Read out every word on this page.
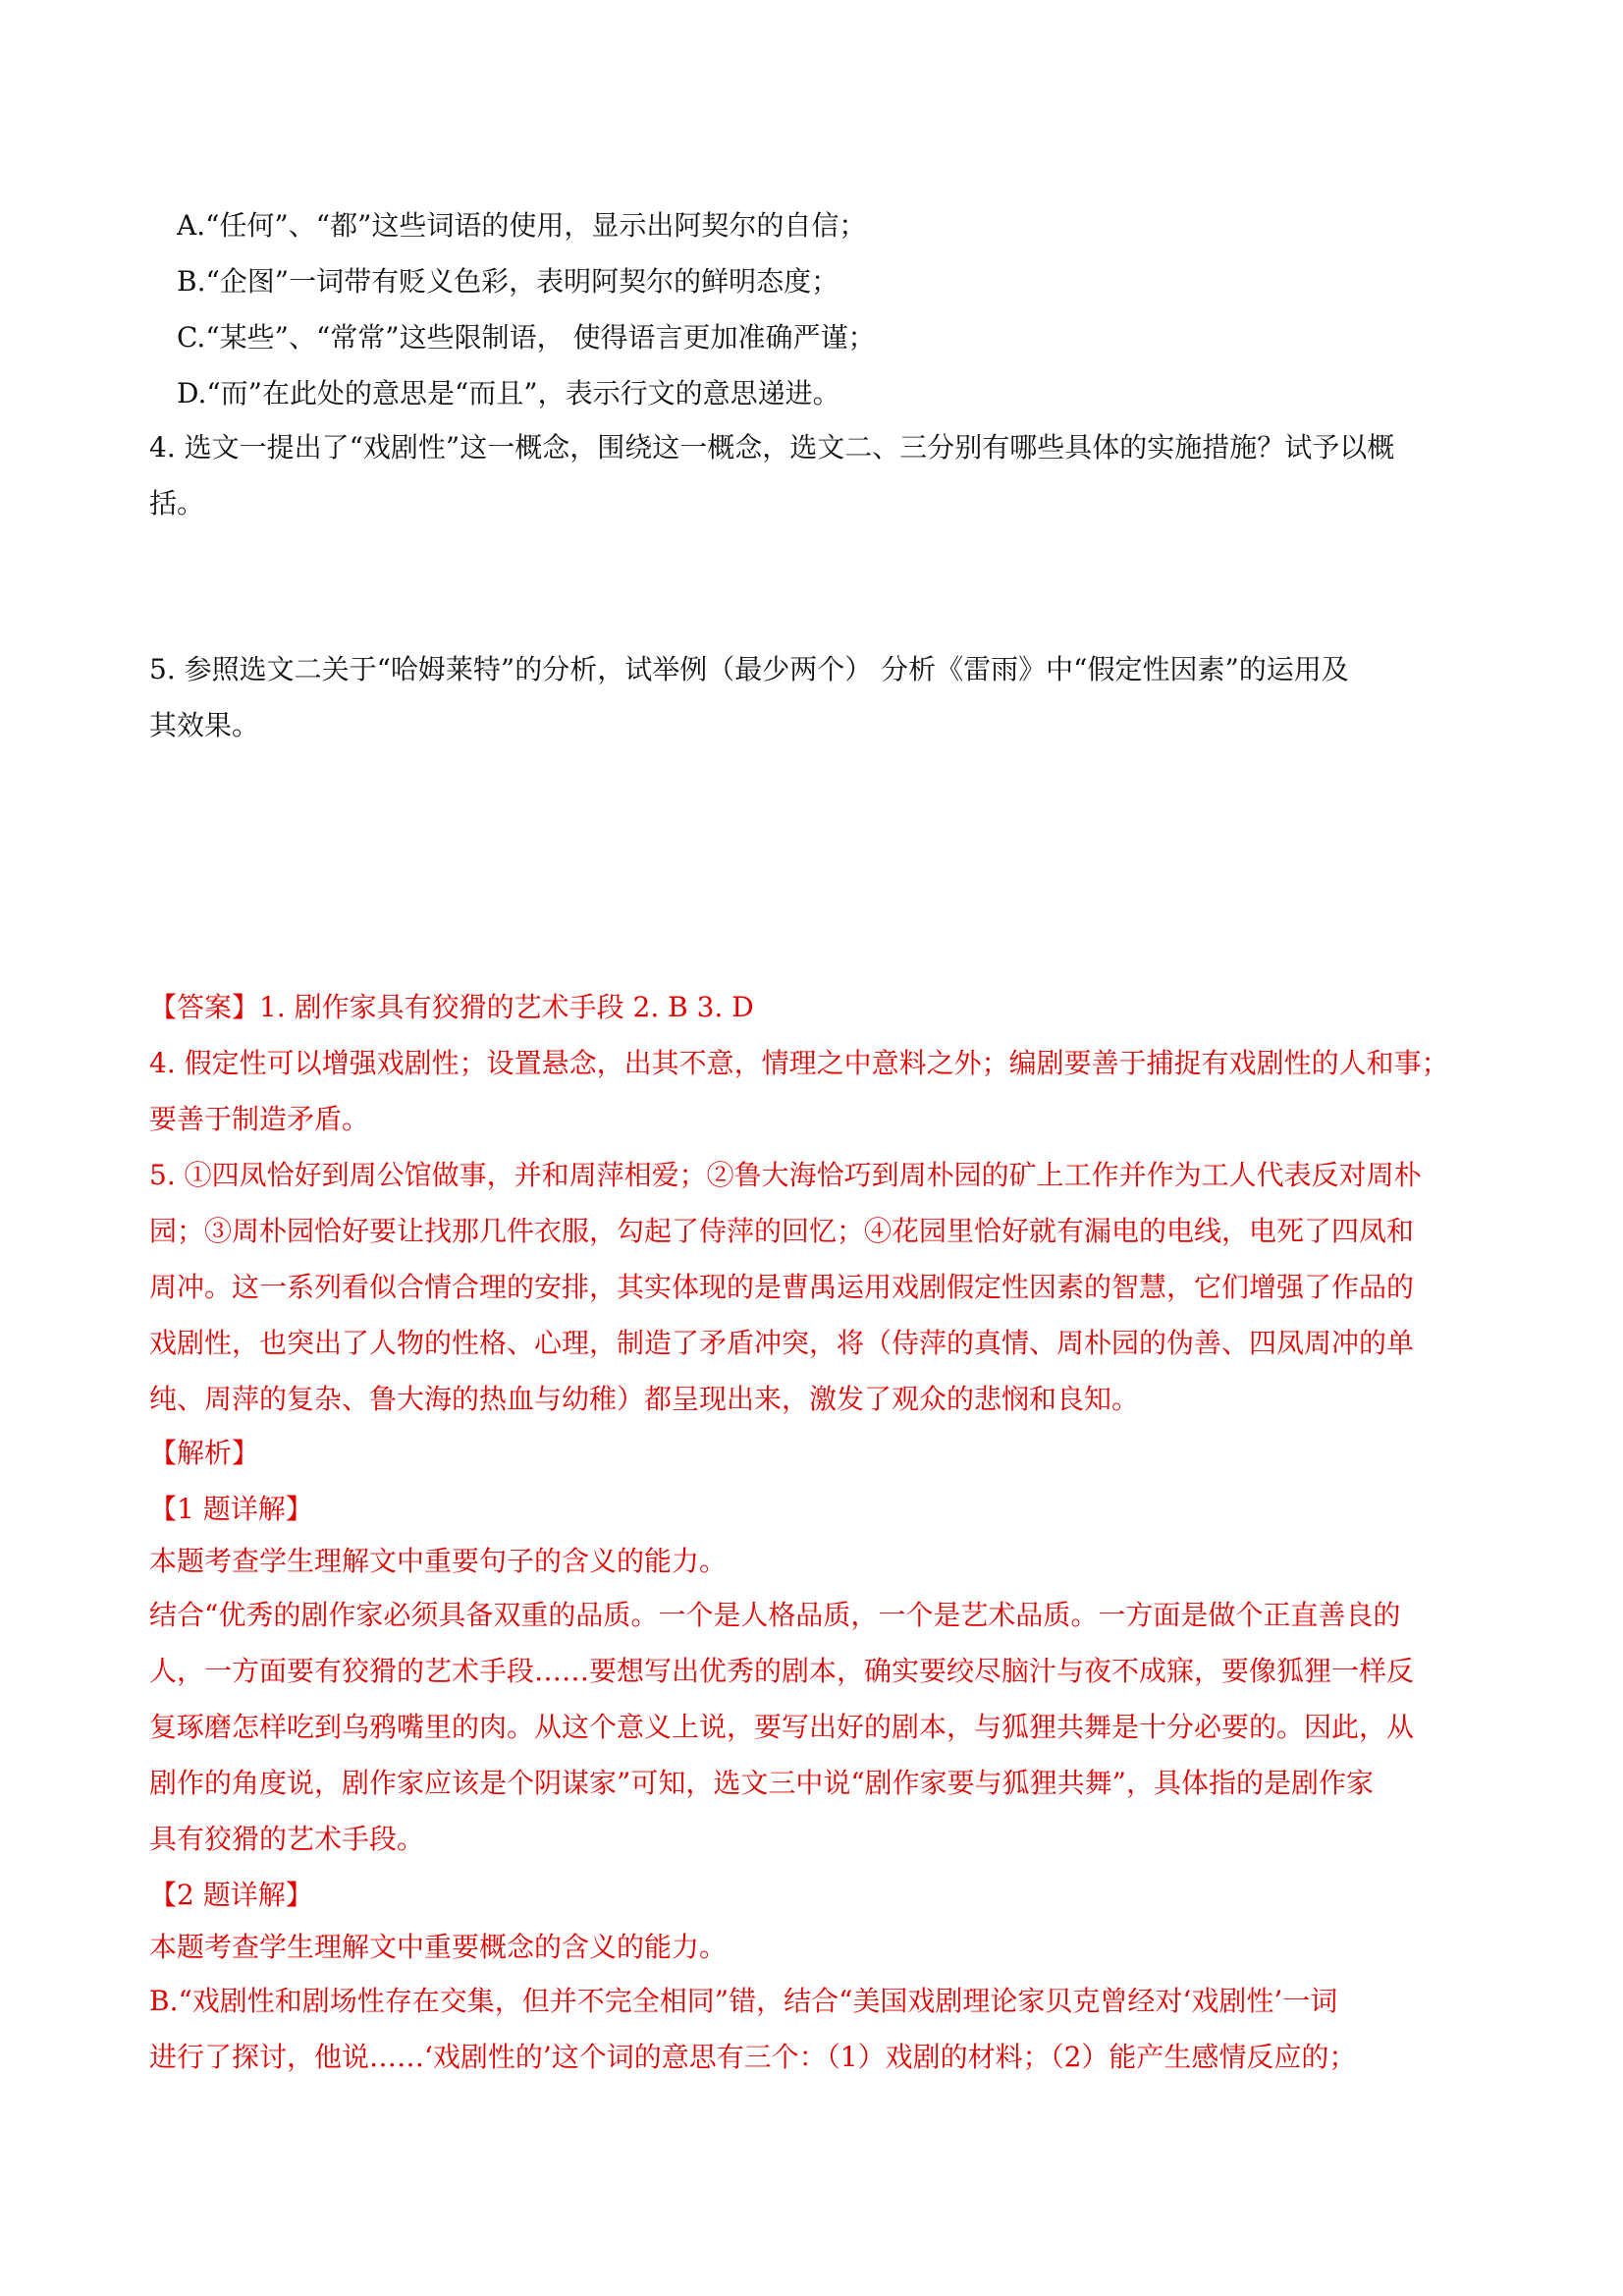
A.“任何”、“都”这些词语的使用，显示出阿契尔的自信；
B.“企图”一词带有贬义色彩，表明阿契尔的鲜明态度；
C.“某些”、“常常”这些限制语， 使得语言更加准确严谨；
D.“而”在此处的意思是“而且”，表示行文的意思递进。
4. 选文一提出了“戏剧性”这一概念，围绕这一概念，选文二、三分别有哪些具体的实施措施？试予以概
括。
5. 参照选文二关于“哈姆莱特”的分析，试举例（最少两个） 分析《雷雨》中“假定性因素”的运用及
其效果。
【答案】1. 剧作家具有狡猾的艺术手段 2. B 3. D
4. 假定性可以增强戏剧性；设置悬念，出其不意，情理之中意料之外；编剧要善于捕捉有戏剧性的人和事；
要善于制造矛盾。
5. ①四凤恰好到周公馆做事，并和周萍相爱；②鲁大海恰巧到周朴园的矿上工作并作为工人代表反对周朴
园；③周朴园恰好要让找那几件衣服，勾起了侍萍的回忆；④花园里恰好就有漏电的电线，电死了四凤和
周冲。这一系列看似合情合理的安排，其实体现的是曹禺运用戏剧假定性因素的智慧，它们增强了作品的
戏剧性，也突出了人物的性格、心理，制造了矛盾冲突，将（侍萍的真情、周朴园的伪善、四凤周冲的单
纯、周萍的复杂、鲁大海的热血与幼稚）都呈现出来，激发了观众的悲悯和良知。
【解析】
【1 题详解】
本题考查学生理解文中重要句子的含义的能力。
结合“优秀的剧作家必须具备双重的品质。一个是人格品质，一个是艺术品质。一方面是做个正直善良的
人，一方面要有狡猾的艺术手段……要想写出优秀的剧本，确实要绞尽脑汁与夜不成寐，要像狐狸一样反
复琢磨怎样吃到乌鸦嘴里的肉。从这个意义上说，要写出好的剧本，与狐狸共舞是十分必要的。因此，从
剧作的角度说，剧作家应该是个阴谋家”可知，选文三中说“剧作家要与狐狸共舞”，具体指的是剧作家
具有狡猾的艺术手段。
【2 题详解】
本题考查学生理解文中重要概念的含义的能力。
B.“戏剧性和剧场性存在交集，但并不完全相同”错，结合“美国戏剧理论家贝克曾经对‘戏剧性’一词
进行了探讨，他说……‘戏剧性的’这个词的意思有三个：（1）戏剧的材料；（2）能产生感情反应的；
